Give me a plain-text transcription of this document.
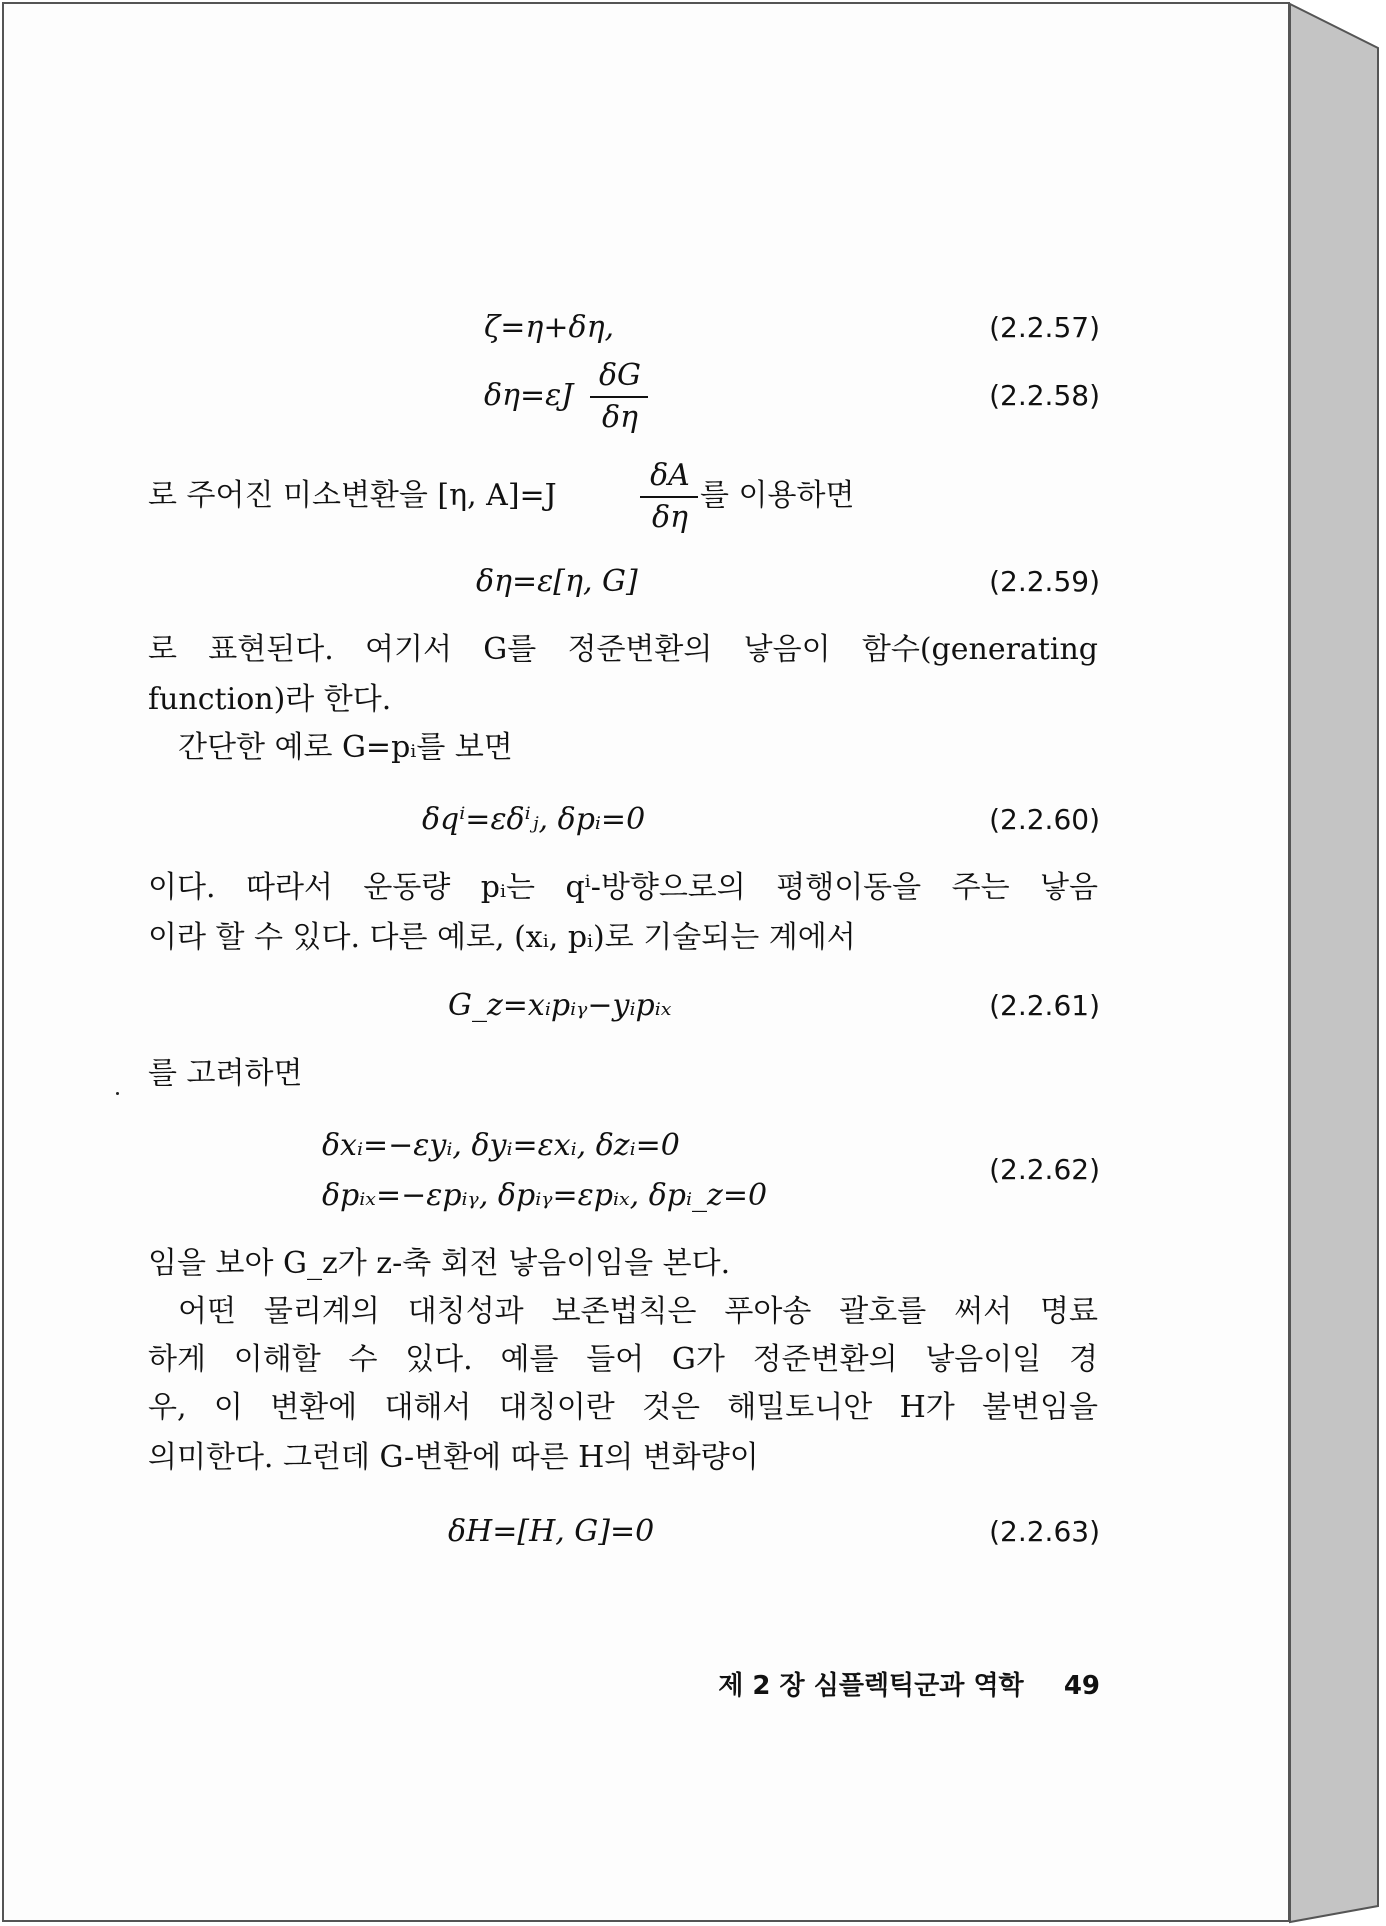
ζ=η+δη,	(2.2.57)
δη=εJ
δG
δη
(2.2.58)
로 주어진 미소변환을 [η, A]=J
δA
δη
를 이용하면
δη=ε[η, G]	(2.2.59)
로 표현된다. 여기서 G를 정준변환의 낳음이 함수(generating
function)라 한다.
간단한 예로 G=pᵢ를 보면
δqⁱ=εδⁱⱼ, δpᵢ=0	(2.2.60)
이다. 따라서 운동량 pᵢ는 qⁱ-방향으로의 평행이동을 주는 낳음
이라 할 수 있다. 다른 예로, (xᵢ, pᵢ)로 기술되는 계에서
G_z=xᵢpᵢᵧ−yᵢpᵢₓ	(2.2.61)
를 고려하면
δxᵢ=−εyᵢ, δyᵢ=εxᵢ, δzᵢ=0
δpᵢₓ=−εpᵢᵧ, δpᵢᵧ=εpᵢₓ, δpᵢ_z=0
(2.2.62)
임을 보아 G_z가 z-축 회전 낳음이임을 본다.
어떤 물리계의 대칭성과 보존법칙은 푸아송 괄호를 써서 명료
하게 이해할 수 있다. 예를 들어 G가 정준변환의 낳음이일 경
우, 이 변환에 대해서 대칭이란 것은 해밀토니안 H가 불변임을
의미한다. 그런데 G-변환에 따른 H의 변화량이
δH=[H, G]=0	(2.2.63)
제 2 장 심플렉틱군과 역학 49
